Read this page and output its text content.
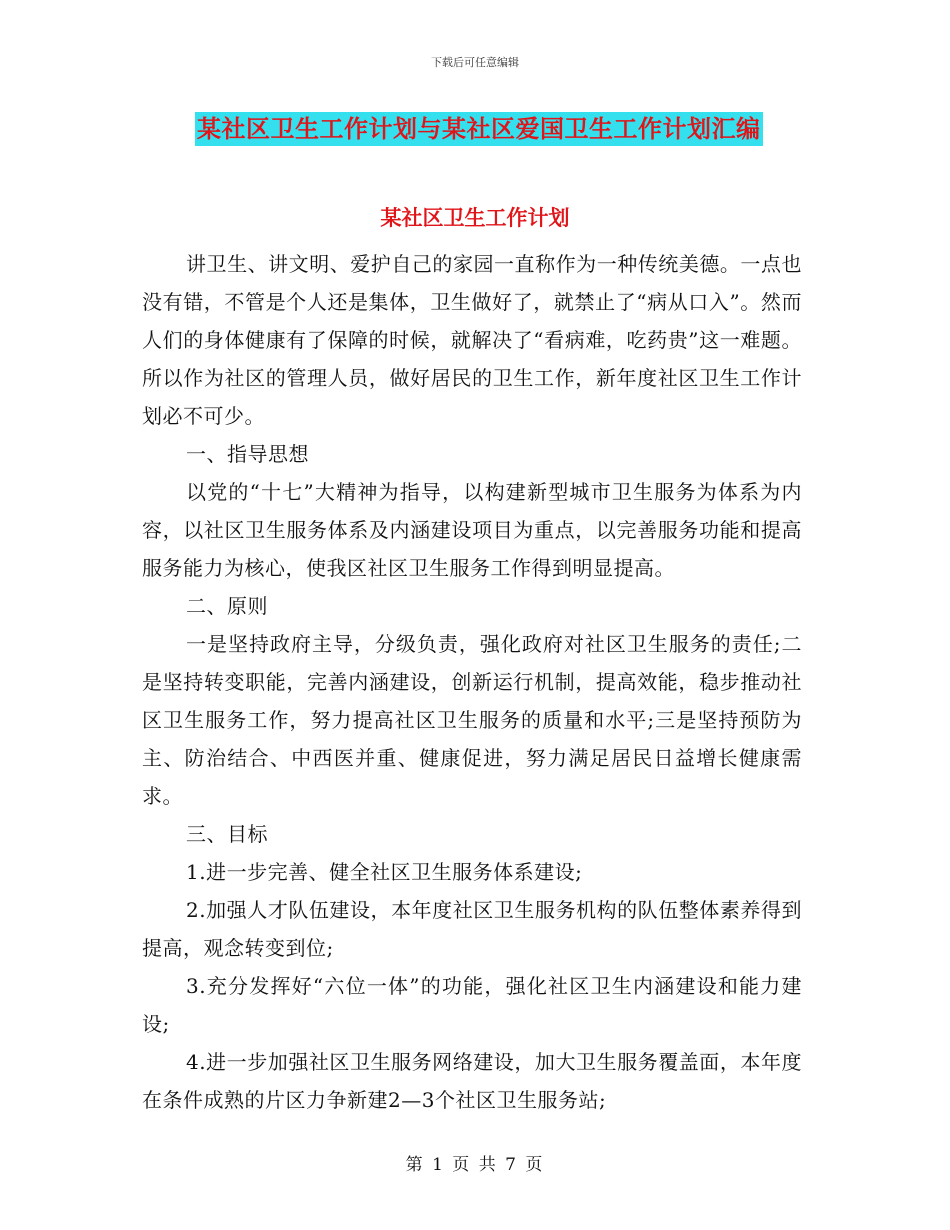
下载后可任意编辑
某社区卫生工作计划与某社区爱国卫生工作计划汇编
某社区卫生工作计划

讲卫生、讲文明、爱护自己的家园一直称作为一种传统美德。一点也没有错，不管是个人还是集体，卫生做好了，就禁止了“病从口入”。然而人们的身体健康有了保障的时候，就解决了“看病难，吃药贵”这一难题。所以作为社区的管理人员，做好居民的卫生工作，新年度社区卫生工作计划必不可少。

一、指导思想

以党的“十七”大精神为指导，以构建新型城市卫生服务为体系为内容，以社区卫生服务体系及内涵建设项目为重点，以完善服务功能和提高服务能力为核心，使我区社区卫生服务工作得到明显提高。

二、原则

一是坚持政府主导，分级负责，强化政府对社区卫生服务的责任;二是坚持转变职能，完善内涵建设，创新运行机制，提高效能，稳步推动社区卫生服务工作，努力提高社区卫生服务的质量和水平;三是坚持预防为主、防治结合、中西医并重、健康促进，努力满足居民日益增长健康需求。

三、目标

1.进一步完善、健全社区卫生服务体系建设;

2.加强人才队伍建设，本年度社区卫生服务机构的队伍整体素养得到提高，观念转变到位;

3.充分发挥好“六位一体”的功能，强化社区卫生内涵建设和能力建设;

4.进一步加强社区卫生服务网络建设，加大卫生服务覆盖面，本年度在条件成熟的片区力争新建2—3个社区卫生服务站;

第 1 页 共 7 页
